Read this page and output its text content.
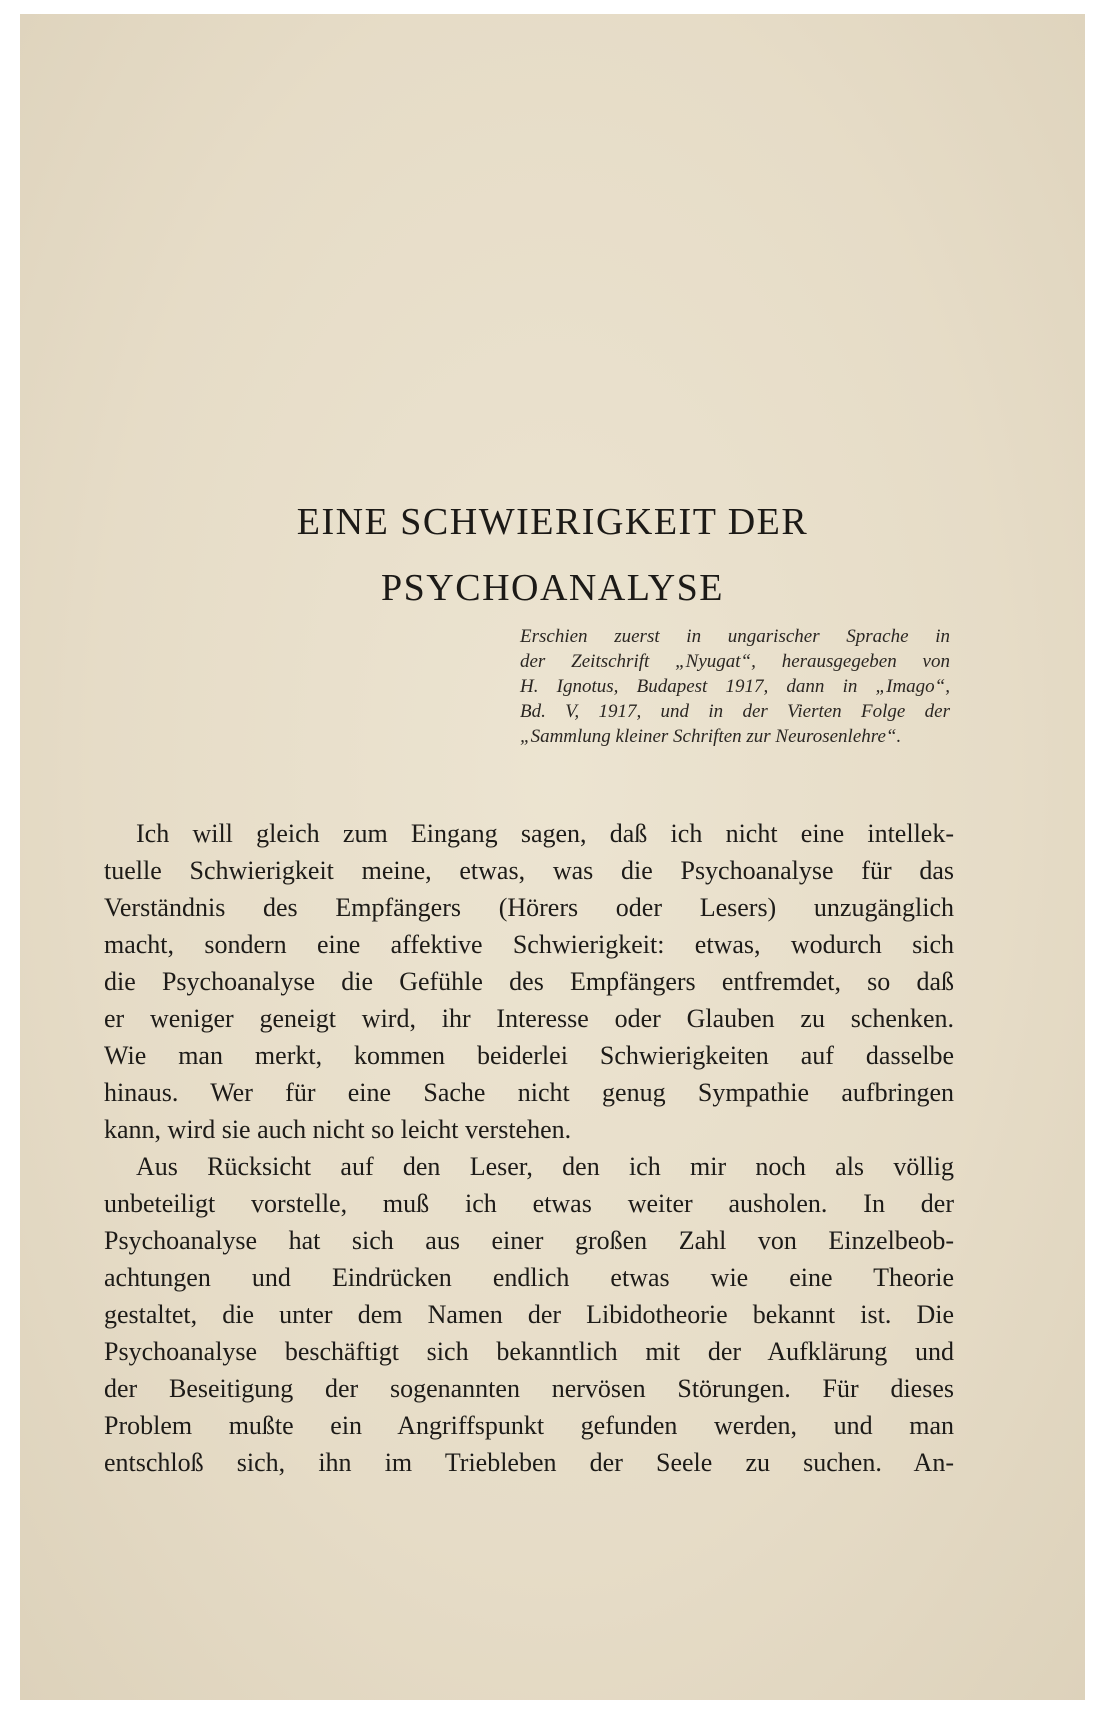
EINE SCHWIERIGKEIT DER
PSYCHOANALYSE
Erschien zuerst in ungarischer Sprache in
der Zeitschrift „Nyugat“, herausgegeben von
H. Ignotus, Budapest 1917, dann in „Imago“,
Bd. V, 1917, und in der Vierten Folge der
„Sammlung kleiner Schriften zur Neurosenlehre“.
Ich will gleich zum Eingang sagen, daß ich nicht eine intellek-
tuelle Schwierigkeit meine, etwas, was die Psychoanalyse für das
Verständnis des Empfängers (Hörers oder Lesers) unzugänglich
macht, sondern eine affektive Schwierigkeit: etwas, wodurch sich
die Psychoanalyse die Gefühle des Empfängers entfremdet, so daß
er weniger geneigt wird, ihr Interesse oder Glauben zu schenken.
Wie man merkt, kommen beiderlei Schwierigkeiten auf dasselbe
hinaus. Wer für eine Sache nicht genug Sympathie aufbringen
kann, wird sie auch nicht so leicht verstehen.
Aus Rücksicht auf den Leser, den ich mir noch als völlig
unbeteiligt vorstelle, muß ich etwas weiter ausholen. In der
Psychoanalyse hat sich aus einer großen Zahl von Einzelbeob-
achtungen und Eindrücken endlich etwas wie eine Theorie
gestaltet, die unter dem Namen der Libidotheorie bekannt ist. Die
Psychoanalyse beschäftigt sich bekanntlich mit der Aufklärung und
der Beseitigung der sogenannten nervösen Störungen. Für dieses
Problem mußte ein Angriffspunkt gefunden werden, und man
entschloß sich, ihn im Triebleben der Seele zu suchen. An-
